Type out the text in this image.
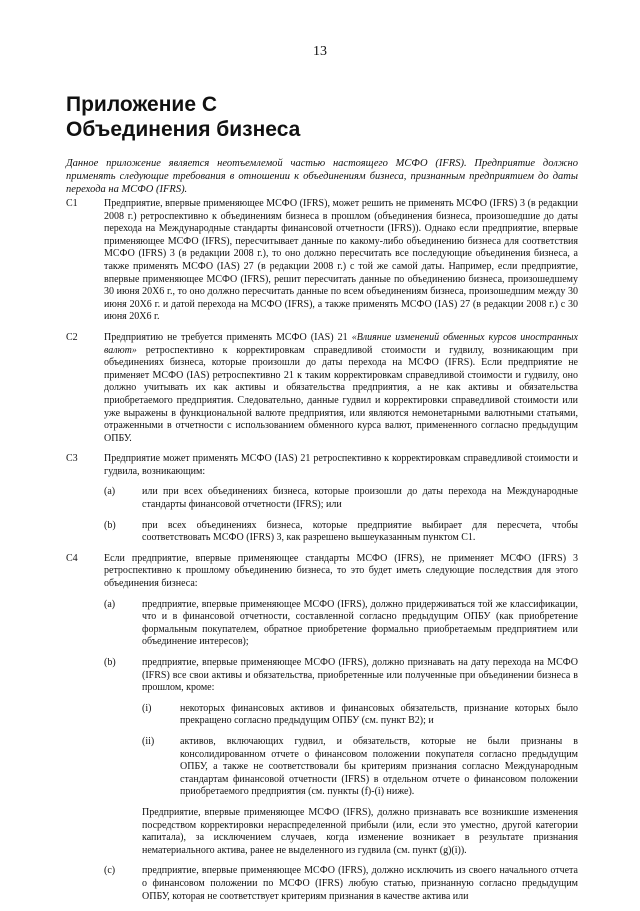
13
Приложение С
Объединения бизнеса

Данное приложение является неотъемлемой частью настоящего МСФО (IFRS). Предприятие должно применять следующие требования в отношении к объединениям бизнеса, признанным предприятием до даты перехода на МСФО (IFRS).

С1	Предприятие, впервые применяющее МСФО (IFRS), может решить не применять МСФО (IFRS) 3 (в редакции 2008 г.) ретроспективно к объединениям бизнеса в прошлом (объединения бизнеса, произошедшие до даты перехода на Международные стандарты финансовой отчетности (IFRS)). Однако если предприятие, впервые применяющее МСФО (IFRS), пересчитывает данные по какому-либо объединению бизнеса для соответствия МСФО (IFRS) 3 (в редакции 2008 г.), то оно должно пересчитать все последующие объединения бизнеса, а также применять МСФО (IAS) 27 (в редакции 2008 г.) с той же самой даты. Например, если предприятие, впервые применяющее МСФО (IFRS), решит пересчитать данные по объединению бизнеса, произошедшему 30 июня 20X6 г., то оно должно пересчитать данные по всем объединениям бизнеса, произошедшим между 30 июня 20X6 г. и датой перехода на МСФО (IFRS), а также применять МСФО (IAS) 27 (в редакции 2008 г.) с 30 июня 20X6 г.

С2	Предприятию не требуется применять МСФО (IAS) 21 «Влияние изменений обменных курсов иностранных валют» ретроспективно к корректировкам справедливой стоимости и гудвилу, возникающим при объединениях бизнеса, которые произошли до даты перехода на МСФО (IFRS). Если предприятие не применяет МСФО (IAS) ретроспективно 21 к таким корректировкам справедливой стоимости и гудвилу, оно должно учитывать их как активы и обязательства предприятия, а не как активы и обязательства приобретаемого предприятия. Следовательно, данные гудвил и корректировки справедливой стоимости или уже выражены в функциональной валюте предприятия, или являются немонетарными валютными статьями, отраженными в отчетности с использованием обменного курса валют, примененного согласно предыдущим ОПБУ.

С3	Предприятие может применять МСФО (IAS) 21 ретроспективно к корректировкам справедливой стоимости и гудвила, возникающим:

(a)	или при всех объединениях бизнеса, которые произошли до даты перехода на Международные стандарты финансовой отчетности (IFRS); или

(b)	при всех объединениях бизнеса, которые предприятие выбирает для пересчета, чтобы соответствовать МСФО (IFRS) 3, как разрешено вышеуказанным пунктом С1.

С4	Если предприятие, впервые применяющее стандарты МСФО (IFRS), не применяет МСФО (IFRS) 3 ретроспективно к прошлому объединению бизнеса, то это будет иметь следующие последствия для этого объединения бизнеса:

(a)	предприятие, впервые применяющее МСФО (IFRS), должно придерживаться той же классификации, что и в финансовой отчетности, составленной согласно предыдущим ОПБУ (как приобретение формальным покупателем, обратное приобретение формально приобретаемым предприятием или объединение интересов);

(b)	предприятие, впервые применяющее МСФО (IFRS), должно признавать на дату перехода на МСФО (IFRS) все свои активы и обязательства, приобретенные или полученные при объединении бизнеса в прошлом, кроме:

(i)	некоторых финансовых активов и финансовых обязательств, признание которых было прекращено согласно предыдущим ОПБУ (см. пункт B2); и

(ii)	активов, включающих гудвил, и обязательств, которые не были признаны в консолидированном отчете о финансовом положении покупателя согласно предыдущим ОПБУ, а также не соответствовали бы критериям признания согласно Международным стандартам финансовой отчетности (IFRS) в отдельном отчете о финансовом положении приобретаемого предприятия (см. пункты (f)-(i) ниже).

Предприятие, впервые применяющее МСФО (IFRS), должно признавать все возникшие изменения посредством корректировки нераспределенной прибыли (или, если это уместно, другой категории капитала), за исключением случаев, когда изменение возникает в результате признания нематериального актива, ранее не выделенного из гудвила (см. пункт (g)(i)).

(c)	предприятие, впервые применяющее МСФО (IFRS), должно исключить из своего начального отчета о финансовом положении по МСФО (IFRS) любую статью, признанную согласно предыдущим ОПБУ, которая не соответствует критериям признания в качестве актива или
